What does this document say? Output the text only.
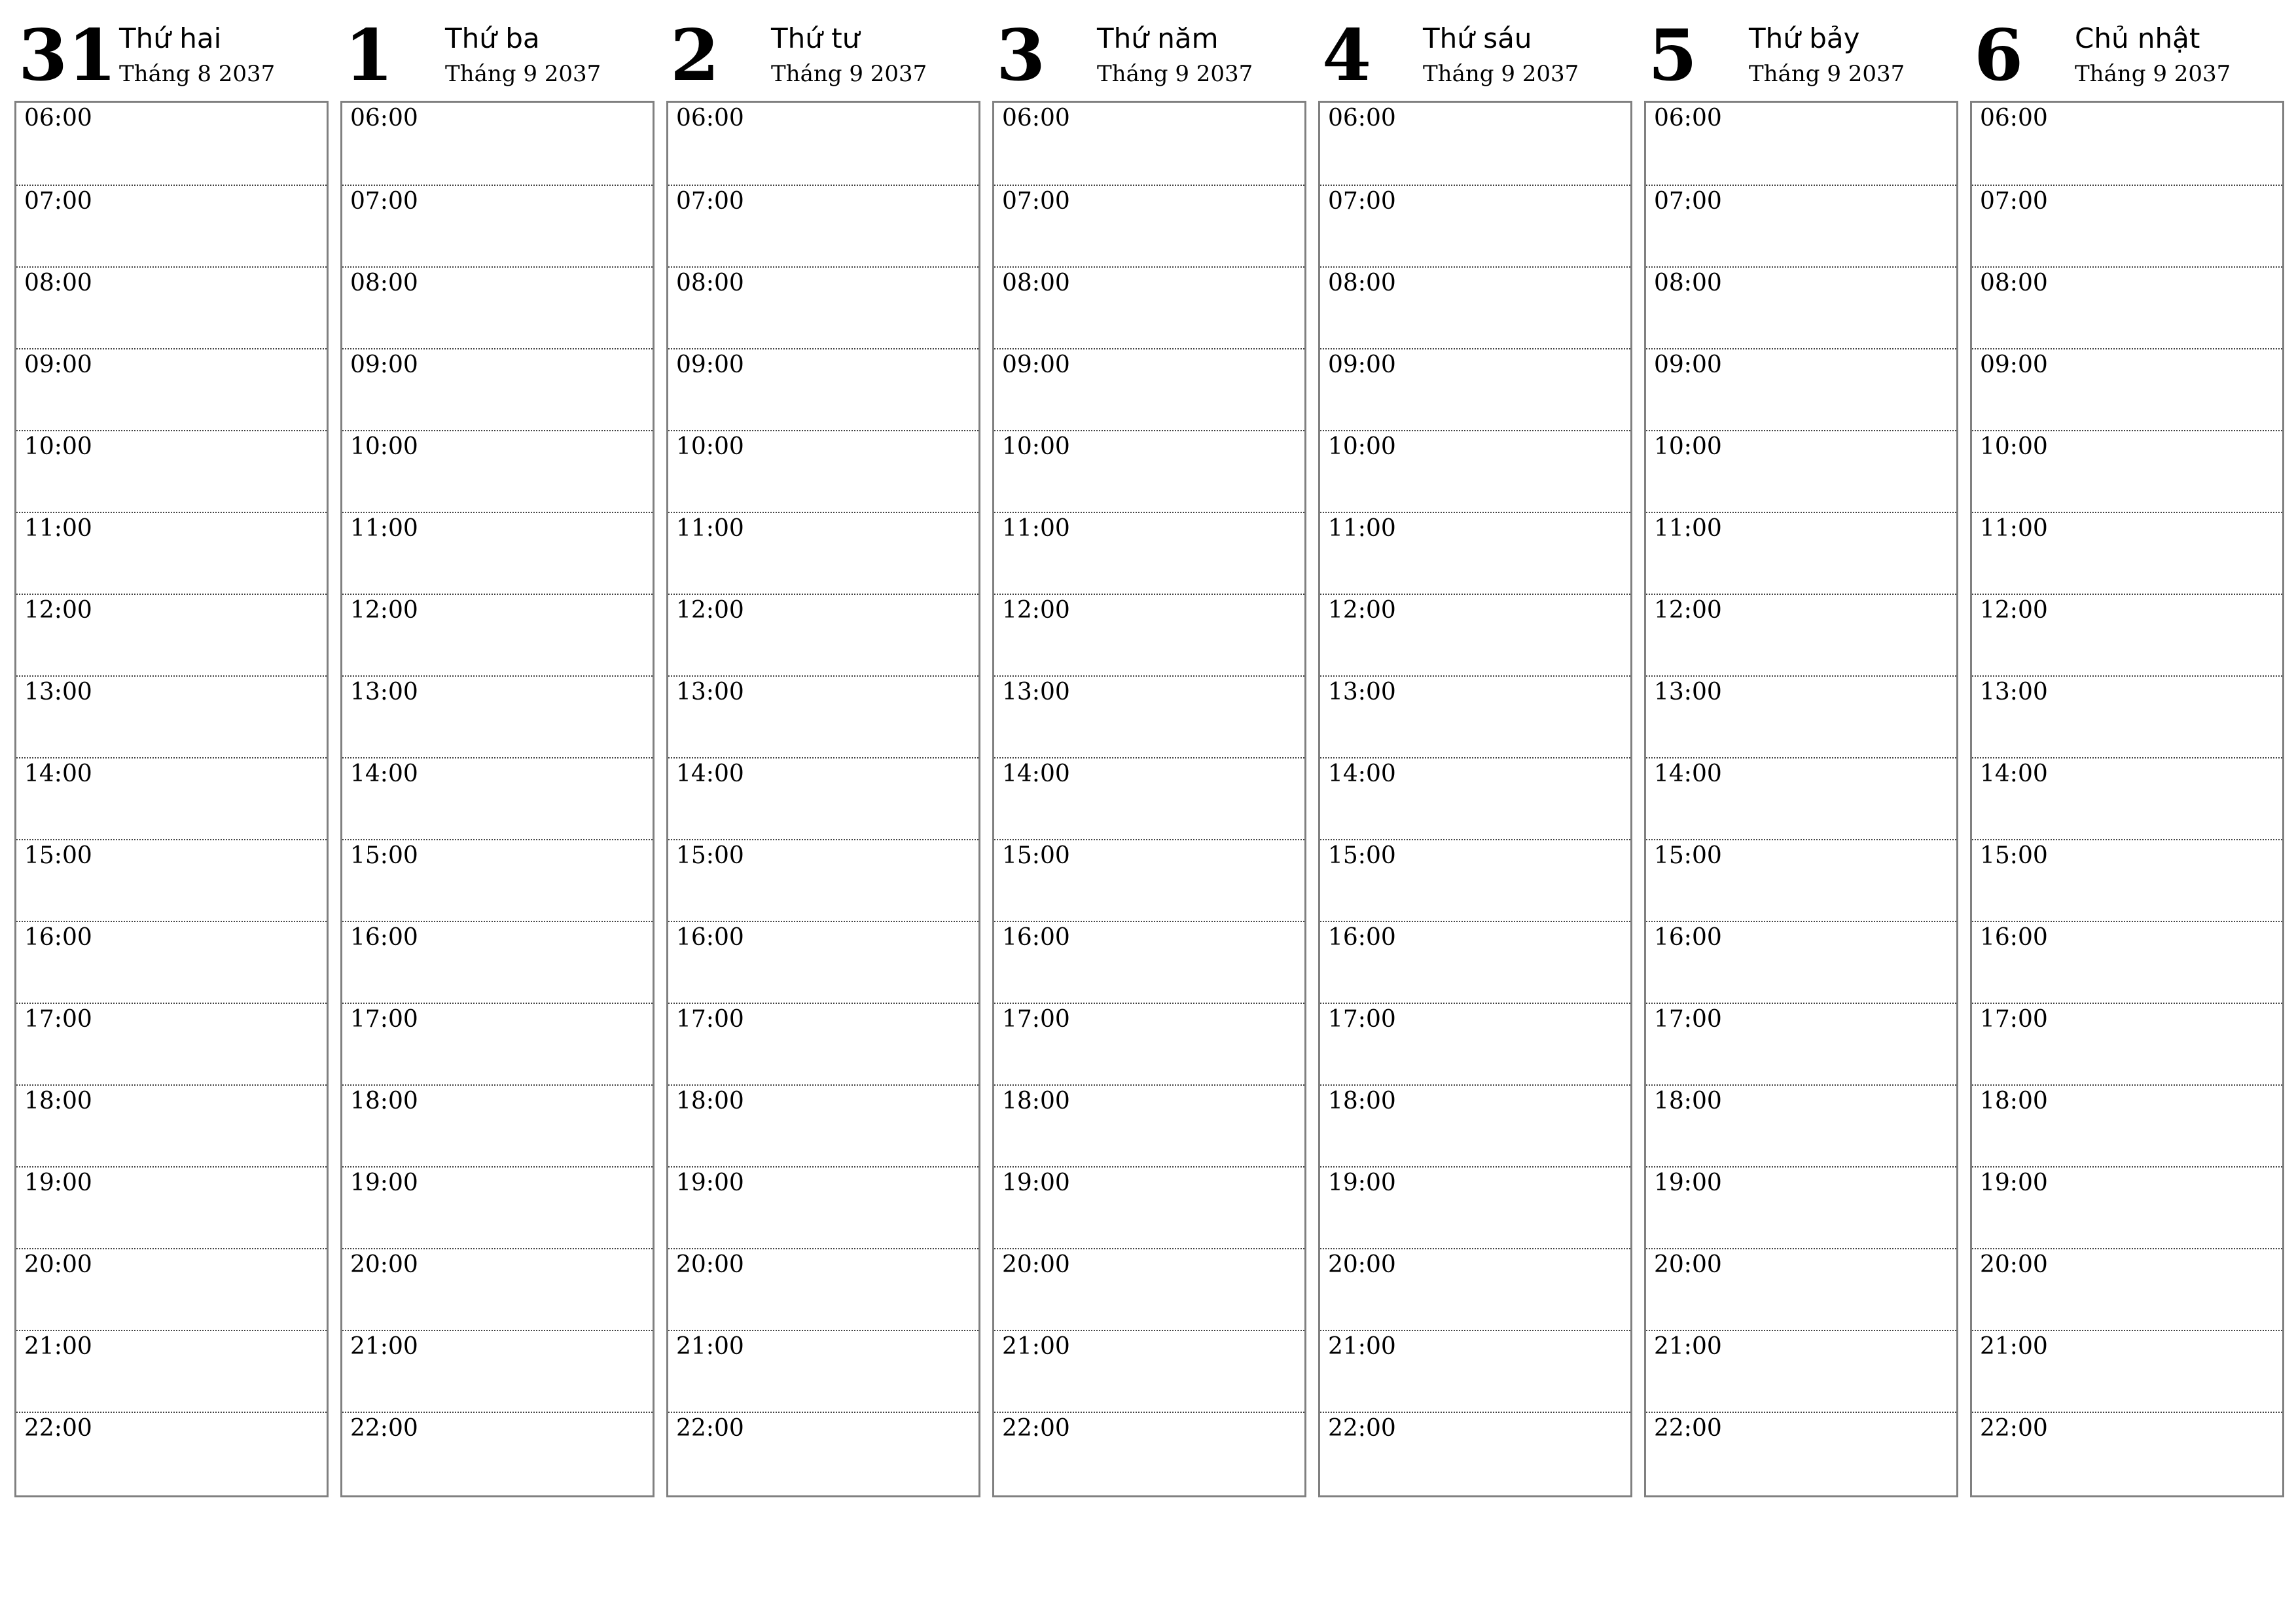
31 Thứ hai
Tháng 8 2037
06:00
07:00
08:00
09:00
10:00
11:00
12:00
13:00
14:00
15:00
16:00
17:00
18:00
19:00
20:00
21:00
22:00
1 Thứ ba
Tháng 9 2037
06:00
07:00
08:00
09:00
10:00
11:00
12:00
13:00
14:00
15:00
16:00
17:00
18:00
19:00
20:00
21:00
22:00
2 Thứ tư
Tháng 9 2037
06:00
07:00
08:00
09:00
10:00
11:00
12:00
13:00
14:00
15:00
16:00
17:00
18:00
19:00
20:00
21:00
22:00
3 Thứ năm
Tháng 9 2037
06:00
07:00
08:00
09:00
10:00
11:00
12:00
13:00
14:00
15:00
16:00
17:00
18:00
19:00
20:00
21:00
22:00
4 Thứ sáu
Tháng 9 2037
06:00
07:00
08:00
09:00
10:00
11:00
12:00
13:00
14:00
15:00
16:00
17:00
18:00
19:00
20:00
21:00
22:00
5 Thứ bảy
Tháng 9 2037
06:00
07:00
08:00
09:00
10:00
11:00
12:00
13:00
14:00
15:00
16:00
17:00
18:00
19:00
20:00
21:00
22:00
6 Chủ nhật
Tháng 9 2037
06:00
07:00
08:00
09:00
10:00
11:00
12:00
13:00
14:00
15:00
16:00
17:00
18:00
19:00
20:00
21:00
22:00
